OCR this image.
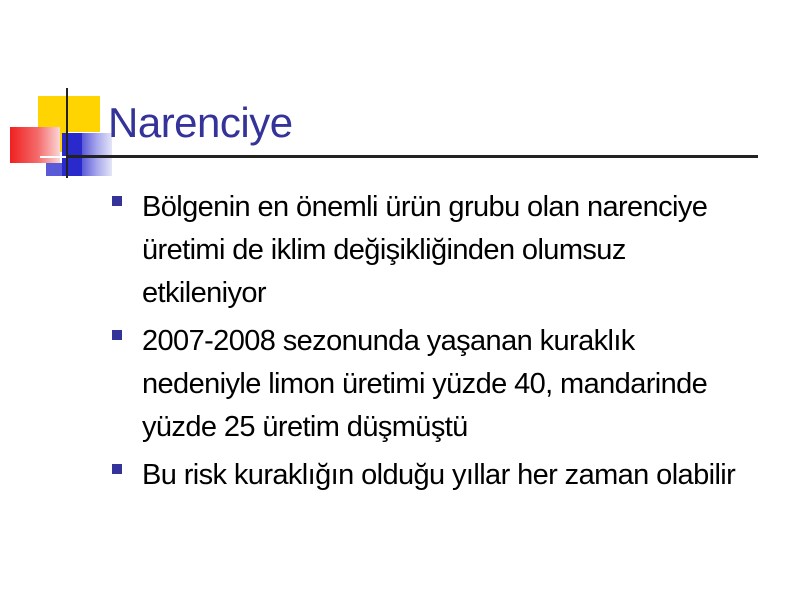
Narenciye
Bölgenin en önemli ürün grubu olan narenciye
üretimi de iklim değişikliğinden olumsuz
etkileniyor
2007-2008 sezonunda yaşanan kuraklık
nedeniyle limon üretimi yüzde 40, mandarinde
yüzde 25 üretim düşmüştü
Bu risk kuraklığın olduğu yıllar her zaman olabilir
